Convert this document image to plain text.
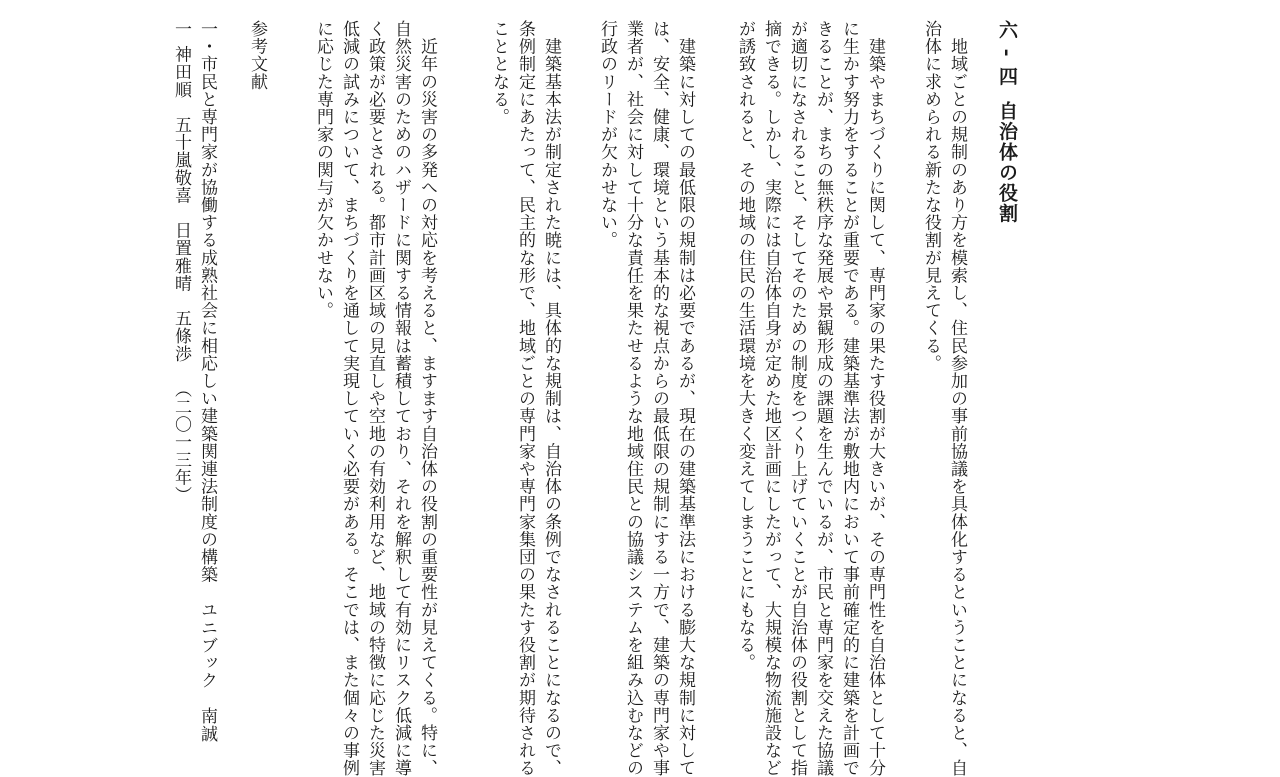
六 - 四自治体の役割
　地域ごとの規制のあり方を模索し、住民参加の事前協議を具体化するということになると、自
治体に求められる新たな役割が見えてくる。
　建築やまちづくりに関して、専門家の果たす役割が大きいが、その専門性を自治体として十分
に生かす努力をすることが重要である。建築基準法が敷地内において事前確定的に建築を計画で
きることが、まちの無秩序な発展や景観形成の課題を生んでいるが、市民と専門家を交えた協議
が適切になされること、そしてそのための制度をつくり上げていくことが自治体の役割として指
摘できる。しかし、実際には自治体自身が定めた地区計画にしたがって、大規模な物流施設など
が誘致されると、その地域の住民の生活環境を大きく変えてしまうことにもなる。
　建築に対しての最低限の規制は必要であるが、現在の建築基準法における膨大な規制に対して
は、安全、健康、環境という基本的な視点からの最低限の規制にする一方で、建築の専門家や事
業者が、社会に対して十分な責任を果たせるような地域住民との協議システムを組み込むなどの
行政のリードが欠かせない。
　建築基本法が制定された暁には、具体的な規制は、自治体の条例でなされることになるので、
条例制定にあたって、民主的な形で、地域ごとの専門家や専門家集団の果たす役割が期待される
こととなる。
　近年の災害の多発への対応を考えると、ますます自治体の役割の重要性が見えてくる。特に、
自然災害のためのハザードに関する情報は蓄積しており、それを解釈して有効にリスク低減に導
く政策が必要とされる。都市計画区域の見直しや空地の有効利用など、地域の特徴に応じた災害
低減の試みについて、まちづくりを通して実現していく必要がある。そこでは、また個々の事例
に応じた専門家の関与が欠かせない。
参考文献
一・市民と専門家が協働する成熟社会に相応しい建築関連法制度の構築ユニブック南誠
一神田順　五十嵐敬喜　日置雅晴　五條渉（二〇一三年）
